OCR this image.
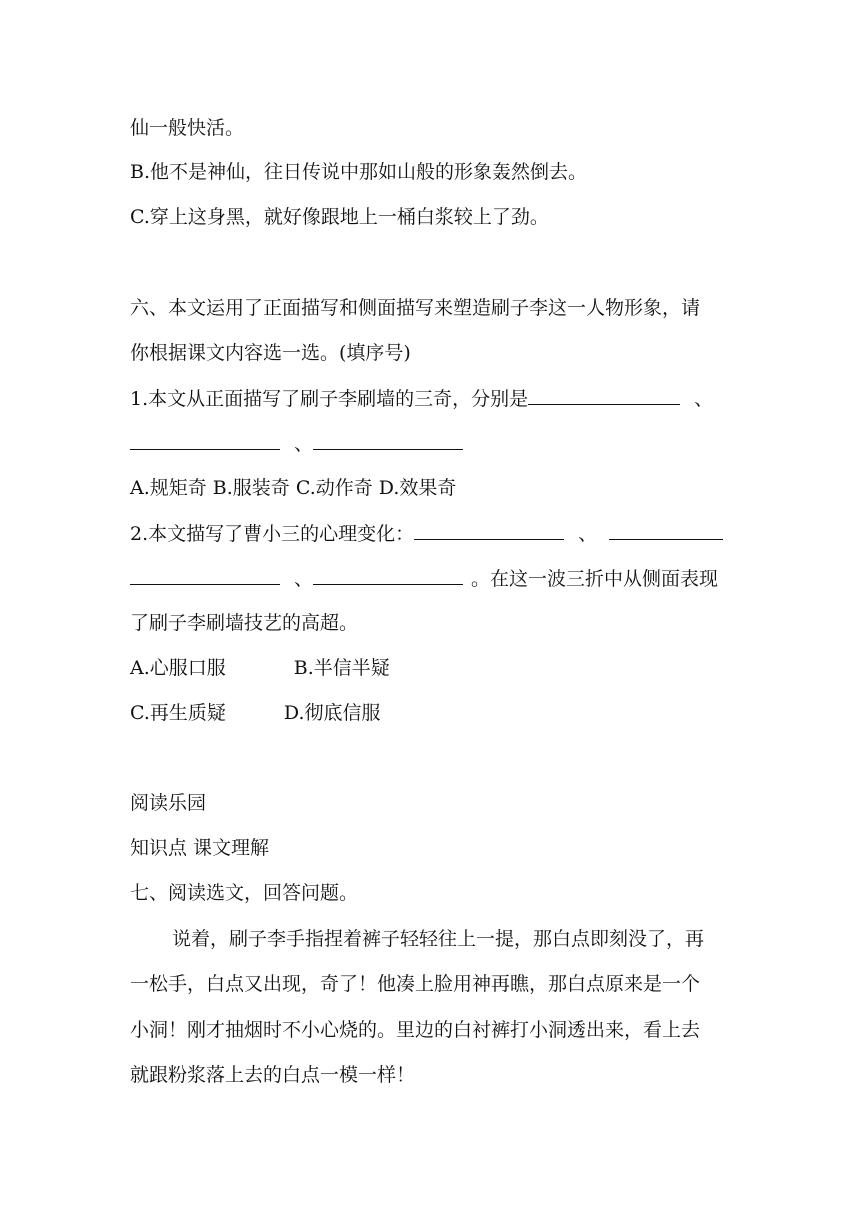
仙一般快活。
B.他不是神仙，往日传说中那如山般的形象轰然倒去。
C.穿上这身黑，就好像跟地上一桶白浆较上了劲。
六、本文运用了正面描写和侧面描写来塑造刷子李这一人物形象，请
你根据课文内容选一选。(填序号)
1.本文从正面描写了刷子李刷墙的三奇，分别是	、
、
A.规矩奇 B.服装奇 C.动作奇 D.效果奇
2.本文描写了曹小三的心理变化：	、
、	。在这一波三折中从侧面表现
了刷子李刷墙技艺的高超。
A.心服口服	B.半信半疑
C.再生质疑	D.彻底信服
阅读乐园
知识点 课文理解
七、阅读选文，回答问题。
说着，刷子李手指捏着裤子轻轻往上一提，那白点即刻没了，再
一松手，白点又出现，奇了！他凑上脸用神再瞧，那白点原来是一个
小洞！刚才抽烟时不小心烧的。里边的白衬裤打小洞透出来，看上去
就跟粉浆落上去的白点一模一样！
